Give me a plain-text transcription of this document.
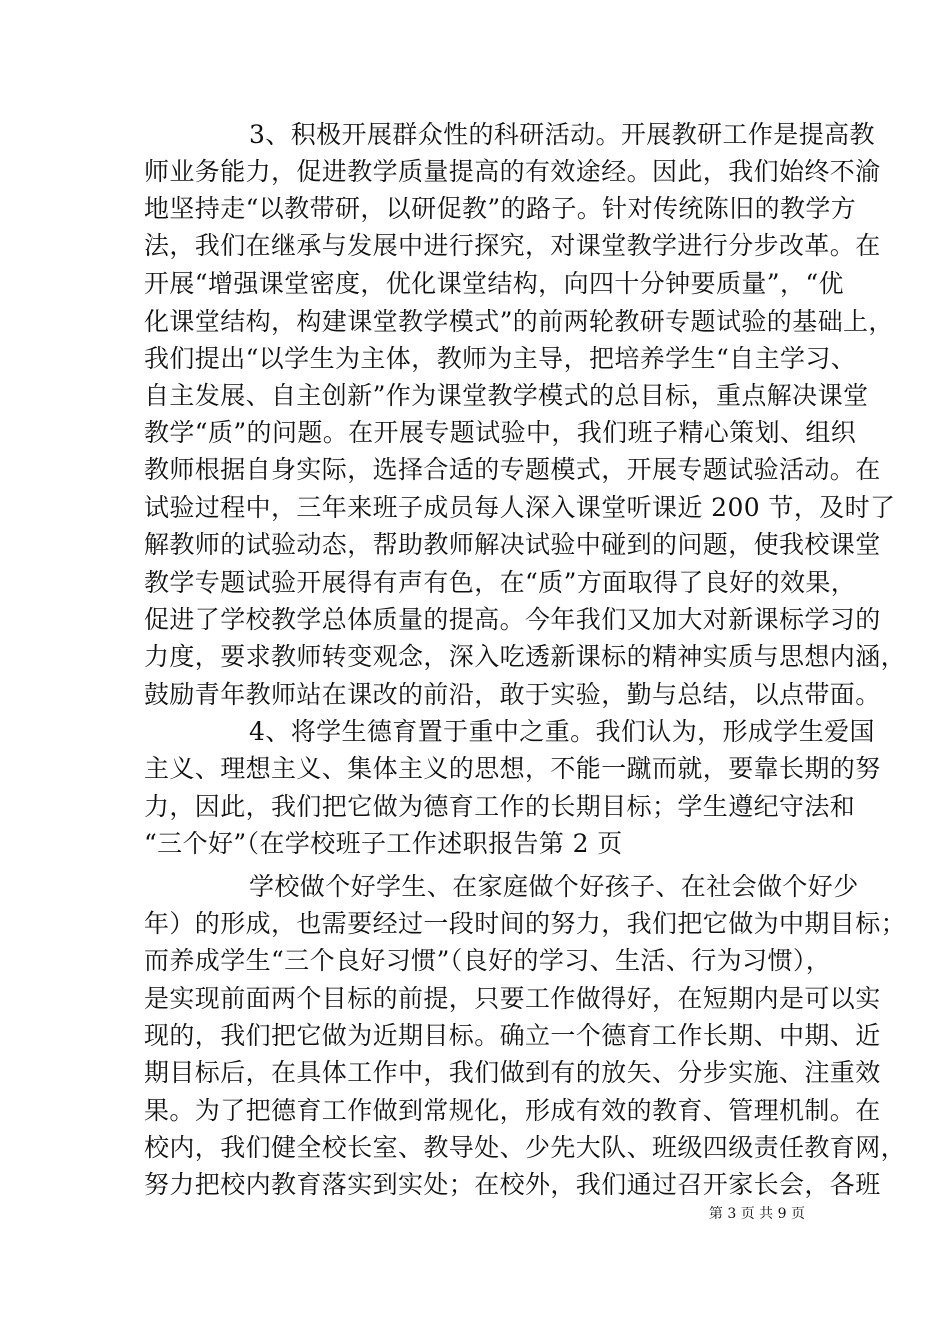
3、积极开展群众性的科研活动。开展教研工作是提高教
师业务能力，促进教学质量提高的有效途经。因此，我们始终不渝
地坚持走“以教带研，以研促教”的路子。针对传统陈旧的教学方
法，我们在继承与发展中进行探究，对课堂教学进行分步改革。在
开展“增强课堂密度，优化课堂结构，向四十分钟要质量”，“优
化课堂结构，构建课堂教学模式”的前两轮教研专题试验的基础上，
我们提出“以学生为主体，教师为主导，把培养学生“自主学习、
自主发展、自主创新”作为课堂教学模式的总目标，重点解决课堂
教学“质”的问题。在开展专题试验中，我们班子精心策划、组织
教师根据自身实际，选择合适的专题模式，开展专题试验活动。在
试验过程中，三年来班子成员每人深入课堂听课近 200 节，及时了
解教师的试验动态，帮助教师解决试验中碰到的问题，使我校课堂
教学专题试验开展得有声有色，在“质”方面取得了良好的效果，
促进了学校教学总体质量的提高。今年我们又加大对新课标学习的
力度，要求教师转变观念，深入吃透新课标的精神实质与思想内涵，
鼓励青年教师站在课改的前沿，敢于实验，勤与总结，以点带面。
4、将学生德育置于重中之重。我们认为，形成学生爱国
主义、理想主义、集体主义的思想，不能一蹴而就，要靠长期的努
力，因此，我们把它做为德育工作的长期目标；学生遵纪守法和
“三个好”（在学校班子工作述职报告第 2 页
学校做个好学生、在家庭做个好孩子、在社会做个好少
年）的形成，也需要经过一段时间的努力，我们把它做为中期目标；
而养成学生“三个良好习惯”（良好的学习、生活、行为习惯），
是实现前面两个目标的前提，只要工作做得好，在短期内是可以实
现的，我们把它做为近期目标。确立一个德育工作长期、中期、近
期目标后，在具体工作中，我们做到有的放矢、分步实施、注重效
果。为了把德育工作做到常规化，形成有效的教育、管理机制。在
校内，我们健全校长室、教导处、少先大队、班级四级责任教育网，
努力把校内教育落实到实处；在校外，我们通过召开家长会，各班
第 3 页 共 9 页
